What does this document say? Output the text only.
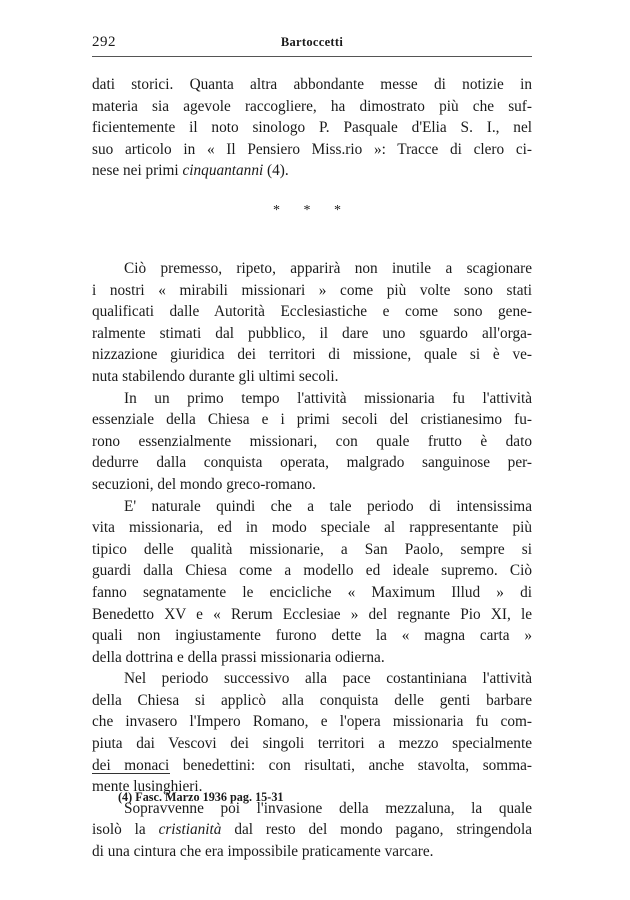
292	Bartoccetti

dati storici. Quanta altra abbondante messe di notizie in
materia sia agevole raccogliere, ha dimostrato più che suf-
ficientemente il noto sinologo P. Pasquale d'Elia S. I., nel
suo articolo in « Il Pensiero Miss.rio »: Tracce di clero ci-
nese nei primi cinquantanni (4).

* * *

Ciò premesso, ripeto, apparirà non inutile a scagionare
i nostri « mirabili missionari » come più volte sono stati
qualificati dalle Autorità Ecclesiastiche e come sono gene-
ralmente stimati dal pubblico, il dare uno sguardo all'orga-
nizzazione giuridica dei territori di missione, quale si è ve-
nuta stabilendo durante gli ultimi secoli.

In un primo tempo l'attività missionaria fu l'attività
essenziale della Chiesa e i primi secoli del cristianesimo fu-
rono essenzialmente missionari, con quale frutto è dato
dedurre dalla conquista operata, malgrado sanguinose per-
secuzioni, del mondo greco-romano.

E' naturale quindi che a tale periodo di intensissima
vita missionaria, ed in modo speciale al rappresentante più
tipico delle qualità missionarie, a San Paolo, sempre si
guardi dalla Chiesa come a modello ed ideale supremo. Ciò
fanno segnatamente le encicliche « Maximum Illud » di
Benedetto XV e « Rerum Ecclesiae » del regnante Pio XI, le
quali non ingiustamente furono dette la « magna carta »
della dottrina e della prassi missionaria odierna.

Nel periodo successivo alla pace costantiniana l'attività
della Chiesa si applicò alla conquista delle genti barbare
che invasero l'Impero Romano, e l'opera missionaria fu com-
piuta dai Vescovi dei singoli territori a mezzo specialmente
dei monaci benedettini: con risultati, anche stavolta, somma-
mente lusinghieri.

Sopravvenne poi l'invasione della mezzaluna, la quale
isolò la cristianità dal resto del mondo pagano, stringendola
di una cintura che era impossibile praticamente varcare.

(4) Fasc. Marzo 1936 pag. 15-31
